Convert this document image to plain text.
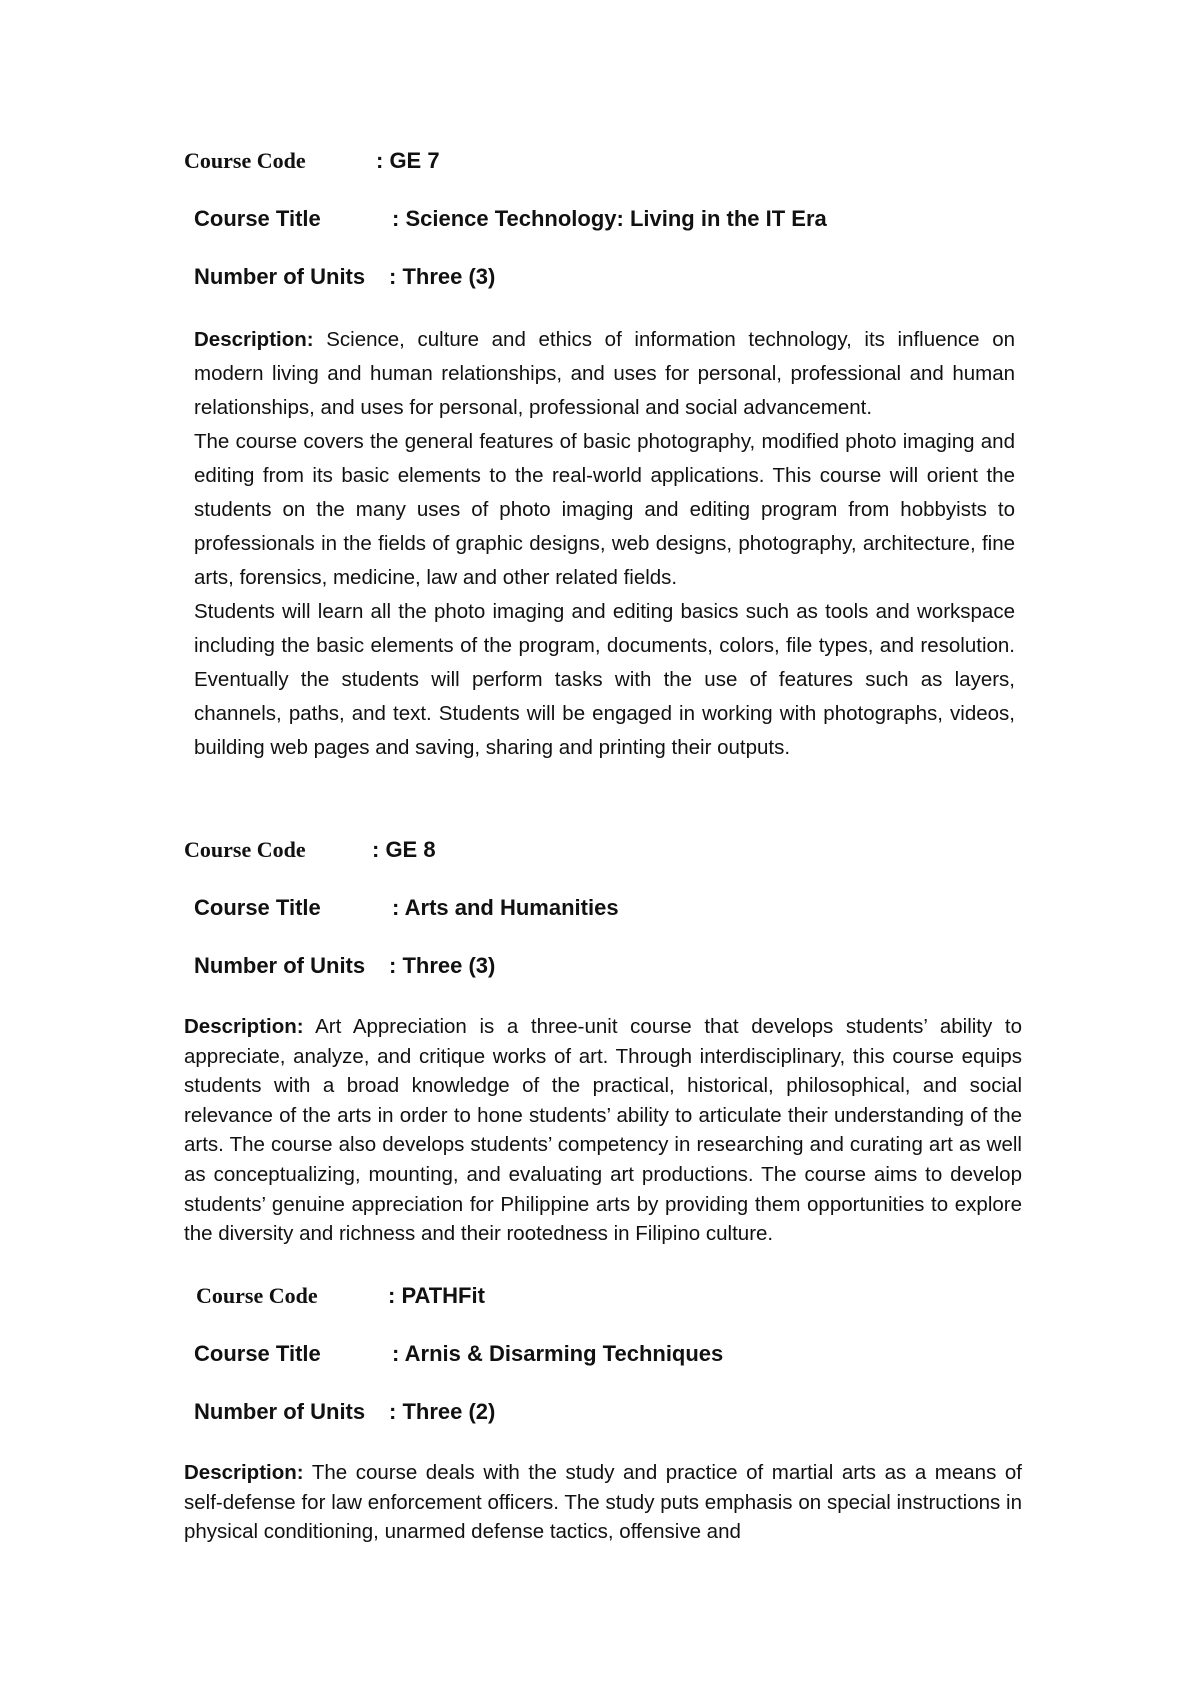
Course Code	: GE 7
Course Title	: Science Technology: Living in the IT Era
Number of Units : Three (3)

Description: Science, culture and ethics of information technology, its influence on modern living and human relationships, and uses for personal, professional and human relationships, and uses for personal, professional and social advancement.

The course covers the general features of basic photography, modified photo imaging and editing from its basic elements to the real-world applications. This course will orient the students on the many uses of photo imaging and editing program from hobbyists to professionals in the fields of graphic designs, web designs, photography, architecture, fine arts, forensics, medicine, law and other related fields.

Students will learn all the photo imaging and editing basics such as tools and workspace including the basic elements of the program, documents, colors, file types, and resolution. Eventually the students will perform tasks with the use of features such as layers, channels, paths, and text. Students will be engaged in working with photographs, videos, building web pages and saving, sharing and printing their outputs.

Course Code	: GE 8
Course Title	: Arts and Humanities
Number of Units : Three (3)

Description: Art Appreciation is a three-unit course that develops students’ ability to appreciate, analyze, and critique works of art. Through interdisciplinary, this course equips students with a broad knowledge of the practical, historical, philosophical, and social relevance of the arts in order to hone students’ ability to articulate their understanding of the arts. The course also develops students’ competency in researching and curating art as well as conceptualizing, mounting, and evaluating art productions. The course aims to develop students’ genuine appreciation for Philippine arts by providing them opportunities to explore the diversity and richness and their rootedness in Filipino culture.

Course Code	: PATHFit
Course Title	: Arnis & Disarming Techniques
Number of Units : Three (2)

Description: The course deals with the study and practice of martial arts as a means of self-defense for law enforcement officers. The study puts emphasis on special instructions in physical conditioning, unarmed defense tactics, offensive and
